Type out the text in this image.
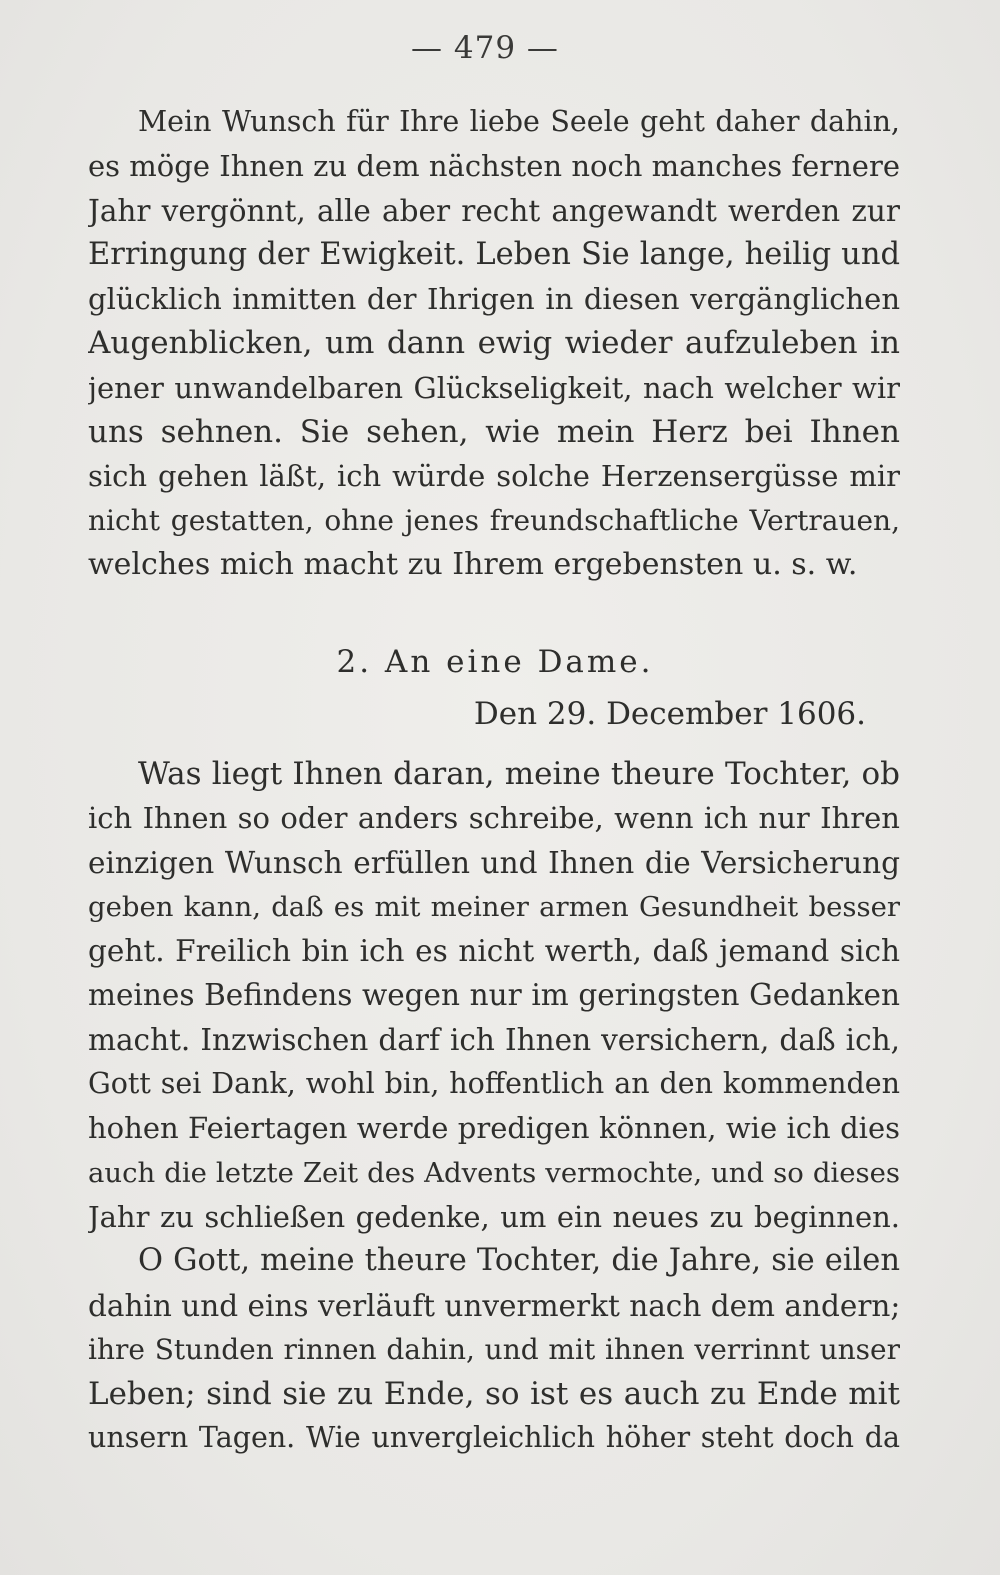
— 479 —
Mein Wunsch für Ihre liebe Seele geht daher dahin,
es möge Ihnen zu dem nächsten noch manches fernere
Jahr vergönnt, alle aber recht angewandt werden zur
Erringung der Ewigkeit. Leben Sie lange, heilig und
glücklich inmitten der Ihrigen in diesen vergänglichen
Augenblicken, um dann ewig wieder aufzuleben in
jener unwandelbaren Glückseligkeit, nach welcher wir
uns sehnen. Sie sehen, wie mein Herz bei Ihnen
sich gehen läßt, ich würde solche Herzensergüsse mir
nicht gestatten, ohne jenes freundschaftliche Vertrauen,
welches mich macht zu Ihrem ergebensten u. s. w.
2. An eine Dame.
Den 29. December 1606.
Was liegt Ihnen daran, meine theure Tochter, ob
ich Ihnen so oder anders schreibe, wenn ich nur Ihren
einzigen Wunsch erfüllen und Ihnen die Versicherung
geben kann, daß es mit meiner armen Gesundheit besser
geht. Freilich bin ich es nicht werth, daß jemand sich
meines Befindens wegen nur im geringsten Gedanken
macht. Inzwischen darf ich Ihnen versichern, daß ich,
Gott sei Dank, wohl bin, hoffentlich an den kommenden
hohen Feiertagen werde predigen können, wie ich dies
auch die letzte Zeit des Advents vermochte, und so dieses
Jahr zu schließen gedenke, um ein neues zu beginnen.
O Gott, meine theure Tochter, die Jahre, sie eilen
dahin und eins verläuft unvermerkt nach dem andern;
ihre Stunden rinnen dahin, und mit ihnen verrinnt unser
Leben; sind sie zu Ende, so ist es auch zu Ende mit
unsern Tagen. Wie unvergleichlich höher steht doch da
